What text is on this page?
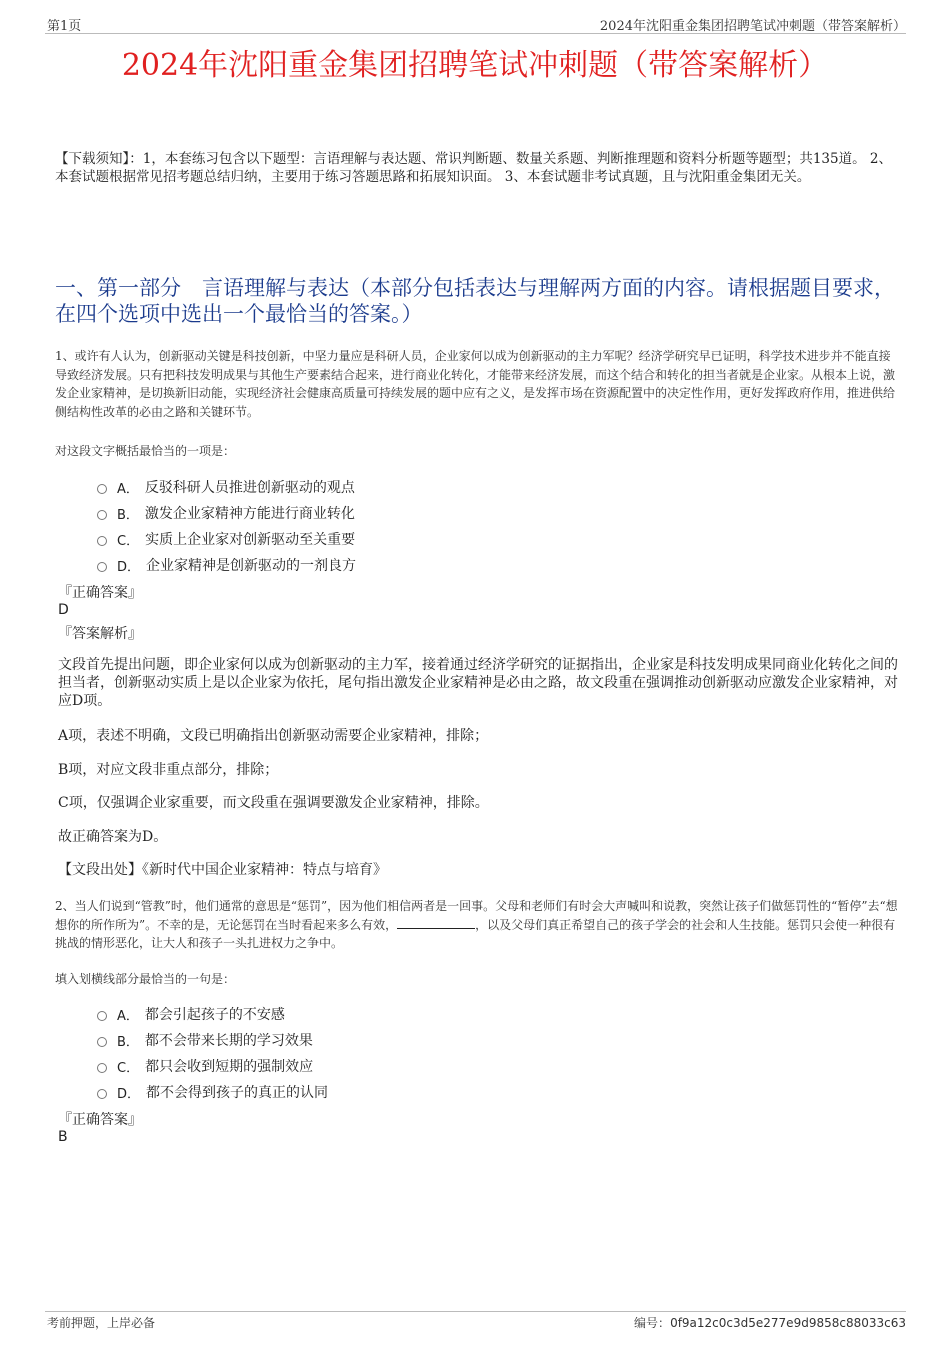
第1页	2024年沈阳重金集团招聘笔试冲刺题（带答案解析）
2024年沈阳重金集团招聘笔试冲刺题（带答案解析）
【下载须知】：1，本套练习包含以下题型：言语理解与表达题、常识判断题、数量关系题、判断推理题和资料分析题等题型；共135道。 2、本套试题根据常见招考题总结归纳，主要用于练习答题思路和拓展知识面。 3、本套试题非考试真题，且与沈阳重金集团无关。
一、第一部分　言语理解与表达（本部分包括表达与理解两方面的内容。请根据题目要求，在四个选项中选出一个最恰当的答案。）
1、或许有人认为，创新驱动关键是科技创新，中坚力量应是科研人员，企业家何以成为创新驱动的主力军呢？经济学研究早已证明，科学技术进步并不能直接导致经济发展。只有把科技发明成果与其他生产要素结合起来，进行商业化转化，才能带来经济发展，而这个结合和转化的担当者就是企业家。从根本上说，激发企业家精神，是切换新旧动能，实现经济社会健康高质量可持续发展的题中应有之义，是发挥市场在资源配置中的决定性作用，更好发挥政府作用，推进供给侧结构性改革的必由之路和关键环节。
对这段文字概括最恰当的一项是：
A． 反驳科研人员推进创新驱动的观点
B． 激发企业家精神方能进行商业转化
C． 实质上企业家对创新驱动至关重要
D． 企业家精神是创新驱动的一剂良方
『正确答案』
D
『答案解析』
文段首先提出问题，即企业家何以成为创新驱动的主力军，接着通过经济学研究的证据指出，企业家是科技发明成果同商业化转化之间的担当者，创新驱动实质上是以企业家为依托，尾句指出激发企业家精神是必由之路，故文段重在强调推动创新驱动应激发企业家精神，对应D项。
A项，表述不明确，文段已明确指出创新驱动需要企业家精神，排除；
B项，对应文段非重点部分，排除；
C项，仅强调企业家重要，而文段重在强调要激发企业家精神，排除。
故正确答案为D。
【文段出处】《新时代中国企业家精神：特点与培育》
2、当人们说到“管教”时，他们通常的意思是“惩罚”，因为他们相信两者是一回事。父母和老师们有时会大声喊叫和说教，突然让孩子们做惩罚性的“暂停”去“想想你的所作所为”。不幸的是，无论惩罚在当时看起来多么有效，	，以及父母们真正希望自己的孩子学会的社会和人生技能。惩罚只会使一种很有挑战的情形恶化，让大人和孩子一头扎进权力之争中。
填入划横线部分最恰当的一句是：
A． 都会引起孩子的不安感
B． 都不会带来长期的学习效果
C． 都只会收到短期的强制效应
D． 都不会得到孩子的真正的认同
『正确答案』
B
考前押题，上岸必备	编号：0f9a12c0c3d5e277e9d9858c88033c63
